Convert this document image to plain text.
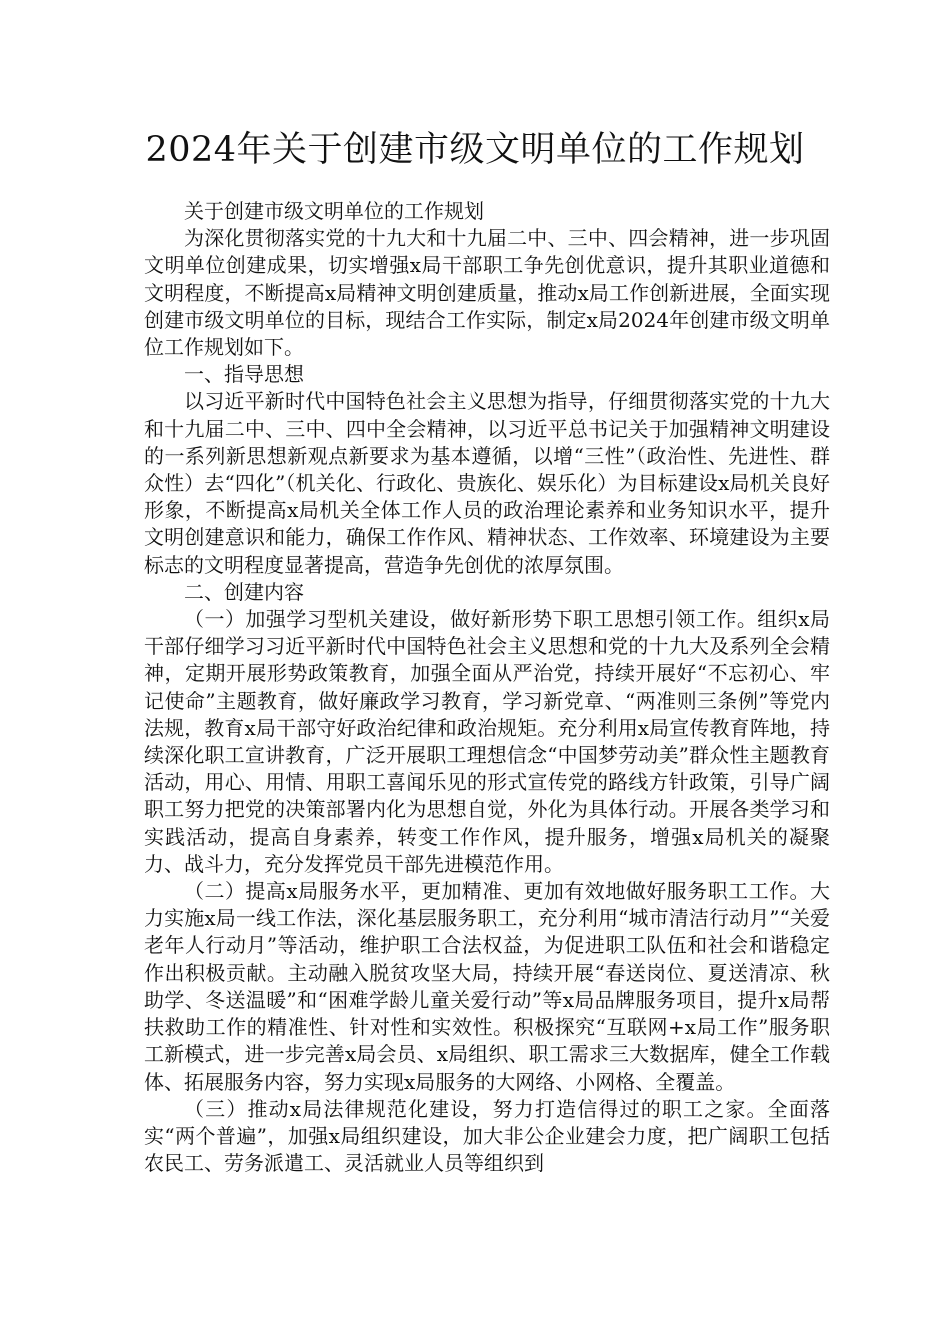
2024年关于创建市级文明单位的工作规划

关于创建市级文明单位的工作规划

为深化贯彻落实党的十九大和十九届二中、三中、四会精神，进一步巩固文明单位创建成果，切实增强x局干部职工争先创优意识，提升其职业道德和文明程度，不断提高x局精神文明创建质量，推动x局工作创新进展，全面实现创建市级文明单位的目标，现结合工作实际，制定x局2024年创建市级文明单位工作规划如下。

一、指导思想

以习近平新时代中国特色社会主义思想为指导，仔细贯彻落实党的十九大和十九届二中、三中、四中全会精神，以习近平总书记关于加强精神文明建设的一系列新思想新观点新要求为基本遵循，以增“三性”（政治性、先进性、群众性）去“四化”（机关化、行政化、贵族化、娱乐化）为目标建设x局机关良好形象，不断提高x局机关全体工作人员的政治理论素养和业务知识水平，提升文明创建意识和能力，确保工作作风、精神状态、工作效率、环境建设为主要标志的文明程度显著提高，营造争先创优的浓厚氛围。

二、创建内容

（一）加强学习型机关建设，做好新形势下职工思想引领工作。组织x局干部仔细学习习近平新时代中国特色社会主义思想和党的十九大及系列全会精神，定期开展形势政策教育，加强全面从严治党，持续开展好“不忘初心、牢记使命”主题教育，做好廉政学习教育，学习新党章、“两准则三条例”等党内法规，教育x局干部守好政治纪律和政治规矩。充分利用x局宣传教育阵地，持续深化职工宣讲教育，广泛开展职工理想信念“中国梦劳动美”群众性主题教育活动，用心、用情、用职工喜闻乐见的形式宣传党的路线方针政策，引导广阔职工努力把党的决策部署内化为思想自觉，外化为具体行动。开展各类学习和实践活动，提高自身素养，转变工作作风，提升服务，增强x局机关的凝聚力、战斗力，充分发挥党员干部先进模范作用。

（二）提高x局服务水平，更加精准、更加有效地做好服务职工工作。大力实施x局一线工作法，深化基层服务职工，充分利用“城市清洁行动月”“关爱老年人行动月”等活动，维护职工合法权益，为促进职工队伍和社会和谐稳定作出积极贡献。主动融入脱贫攻坚大局，持续开展“春送岗位、夏送清凉、秋助学、冬送温暖”和“困难学龄儿童关爱行动”等x局品牌服务项目，提升x局帮扶救助工作的精准性、针对性和实效性。积极探究“互联网+x局工作”服务职工新模式，进一步完善x局会员、x局组织、职工需求三大数据库，健全工作载体、拓展服务内容，努力实现x局服务的大网络、小网格、全覆盖。

（三）推动x局法律规范化建设，努力打造信得过的职工之家。全面落实“两个普遍”，加强x局组织建设，加大非公企业建会力度，把广阔职工包括农民工、劳务派遣工、灵活就业人员等组织到
